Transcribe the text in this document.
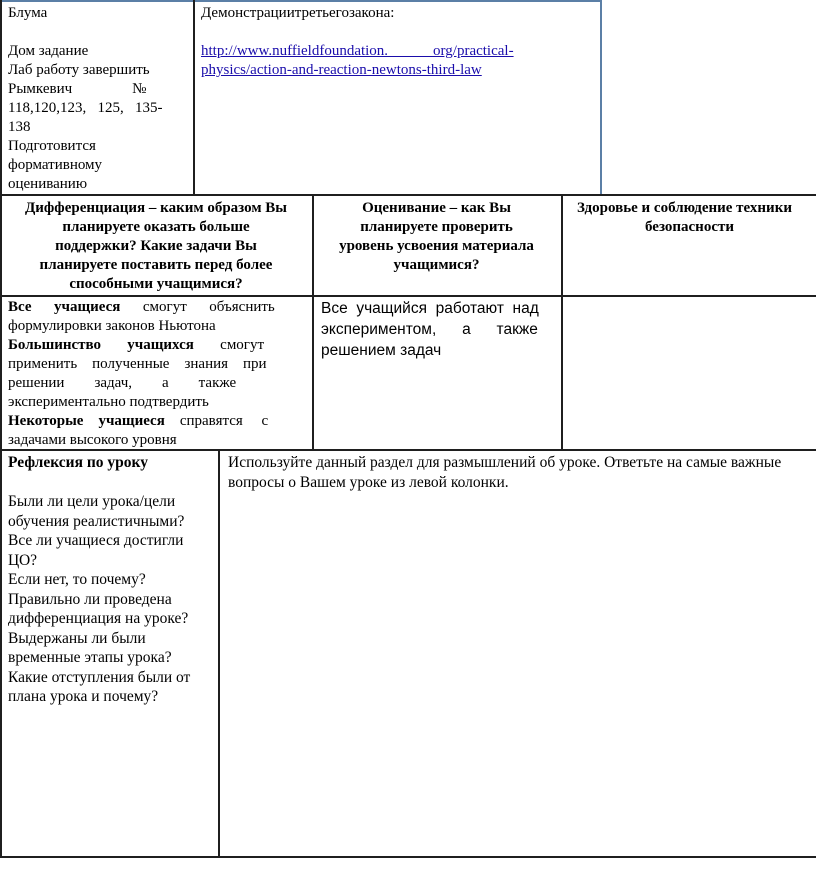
Блума
Дом задание
Лаб работу завершить
Рымкевич                №
118,120,123,   125,   135-
138
Подготовится
формативному
оцениванию
Демонстрациитретьегозакона:
http://www.nuffieldfoundation.            org/practical-
physics/action-and-reaction-newtons-third-law
Дифференциация – каким образом Вы
планируете оказать больше
поддержки? Какие задачи Вы
планируете поставить перед более
способными учащимися?
Оценивание – как Вы
планируете проверить
уровень усвоения материала
учащимися?
Здоровье и соблюдение техники
безопасности
Все      учащиеся      смогут      объяснить
формулировки законов Ньютона
Большинство       учащихся       смогут
применить    полученные    знания    при
решении        задач,        а        также
экспериментально подтвердить
Некоторые    учащиеся    справятся     с
задачами высокого уровня
Все  учащийся  работают  над
экспериментом,      а      также
решением задач
Рефлексия по уроку
Были ли цели урока/цели
обучения реалистичными?
Все ли учащиеся достигли
ЦО?
Если нет, то почему?
Правильно ли проведена
дифференциация на уроке?
Выдержаны ли были
временные этапы урока?
Какие отступления были от
плана урока и почему?
Используйте данный раздел для размышлений об уроке. Ответьте на самые важные
вопросы о Вашем уроке из левой колонки.
